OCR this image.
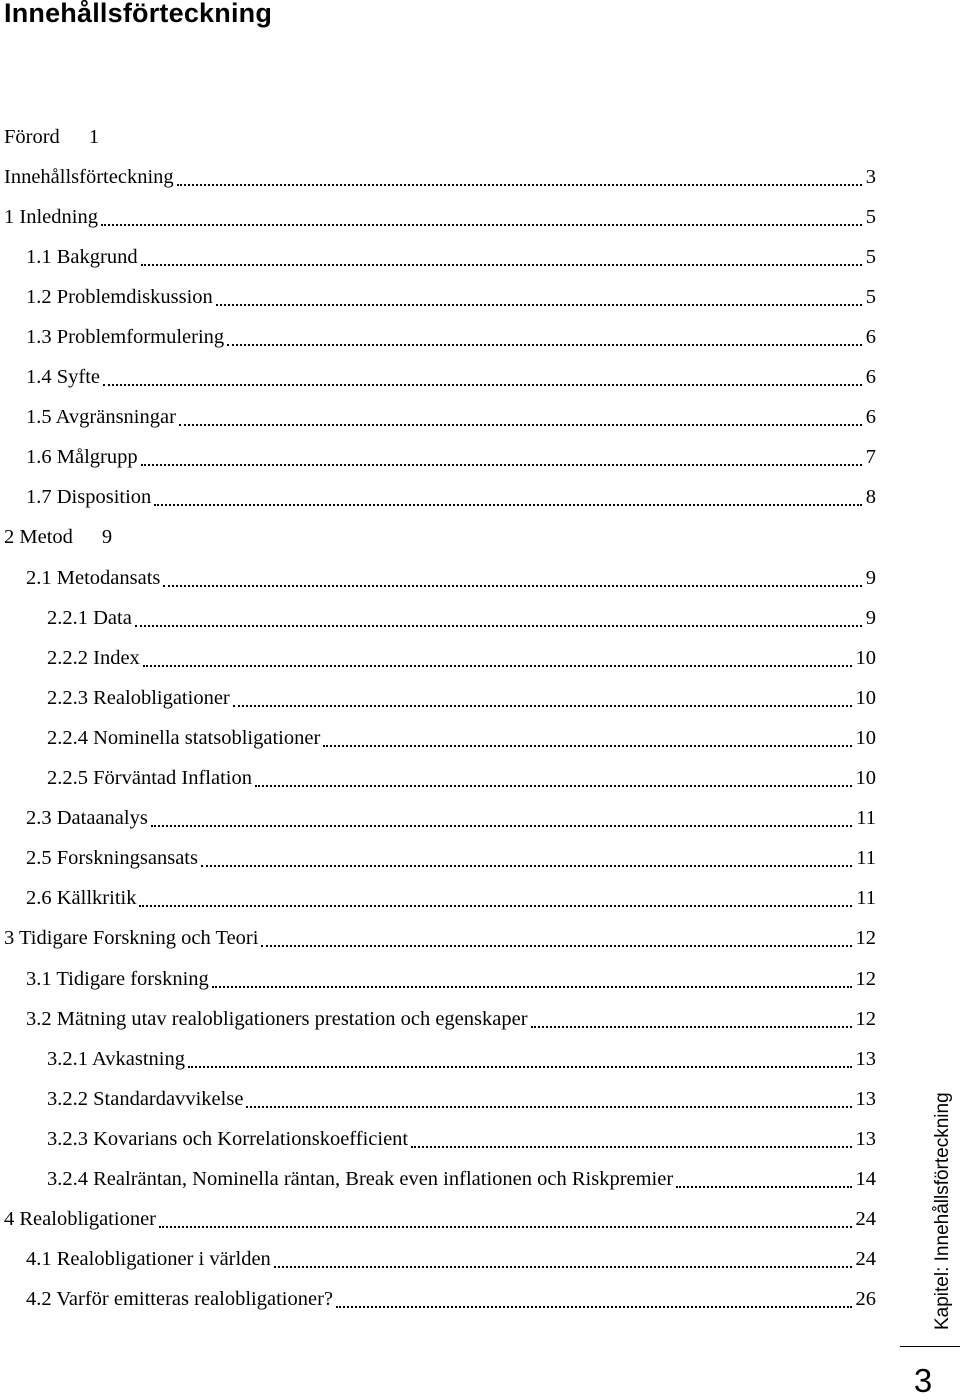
Innehållsförteckning
Förord 1
Innehållsförteckning	3
1 Inledning	5
1.1 Bakgrund	5
1.2 Problemdiskussion	5
1.3 Problemformulering	6
1.4 Syfte	6
1.5 Avgränsningar	6
1.6 Målgrupp	7
1.7 Disposition	8
2 Metod 9
2.1 Metodansats	9
2.2.1 Data	9
2.2.2 Index	10
2.2.3 Realobligationer	10
2.2.4 Nominella statsobligationer	10
2.2.5 Förväntad Inflation	10
2.3 Dataanalys	11
2.5 Forskningsansats	11
2.6 Källkritik	11
3 Tidigare Forskning och Teori	12
3.1 Tidigare forskning	12
3.2 Mätning utav realobligationers prestation och egenskaper	12
3.2.1 Avkastning	13
3.2.2 Standardavvikelse	13
3.2.3 Kovarians och Korrelationskoefficient	13
3.2.4 Realräntan, Nominella räntan, Break even inflationen och Riskpremier	14
4 Realobligationer	24
4.1 Realobligationer i världen	24
4.2 Varför emitteras realobligationer?	26	Kapitel: Innehållsförteckning
3
